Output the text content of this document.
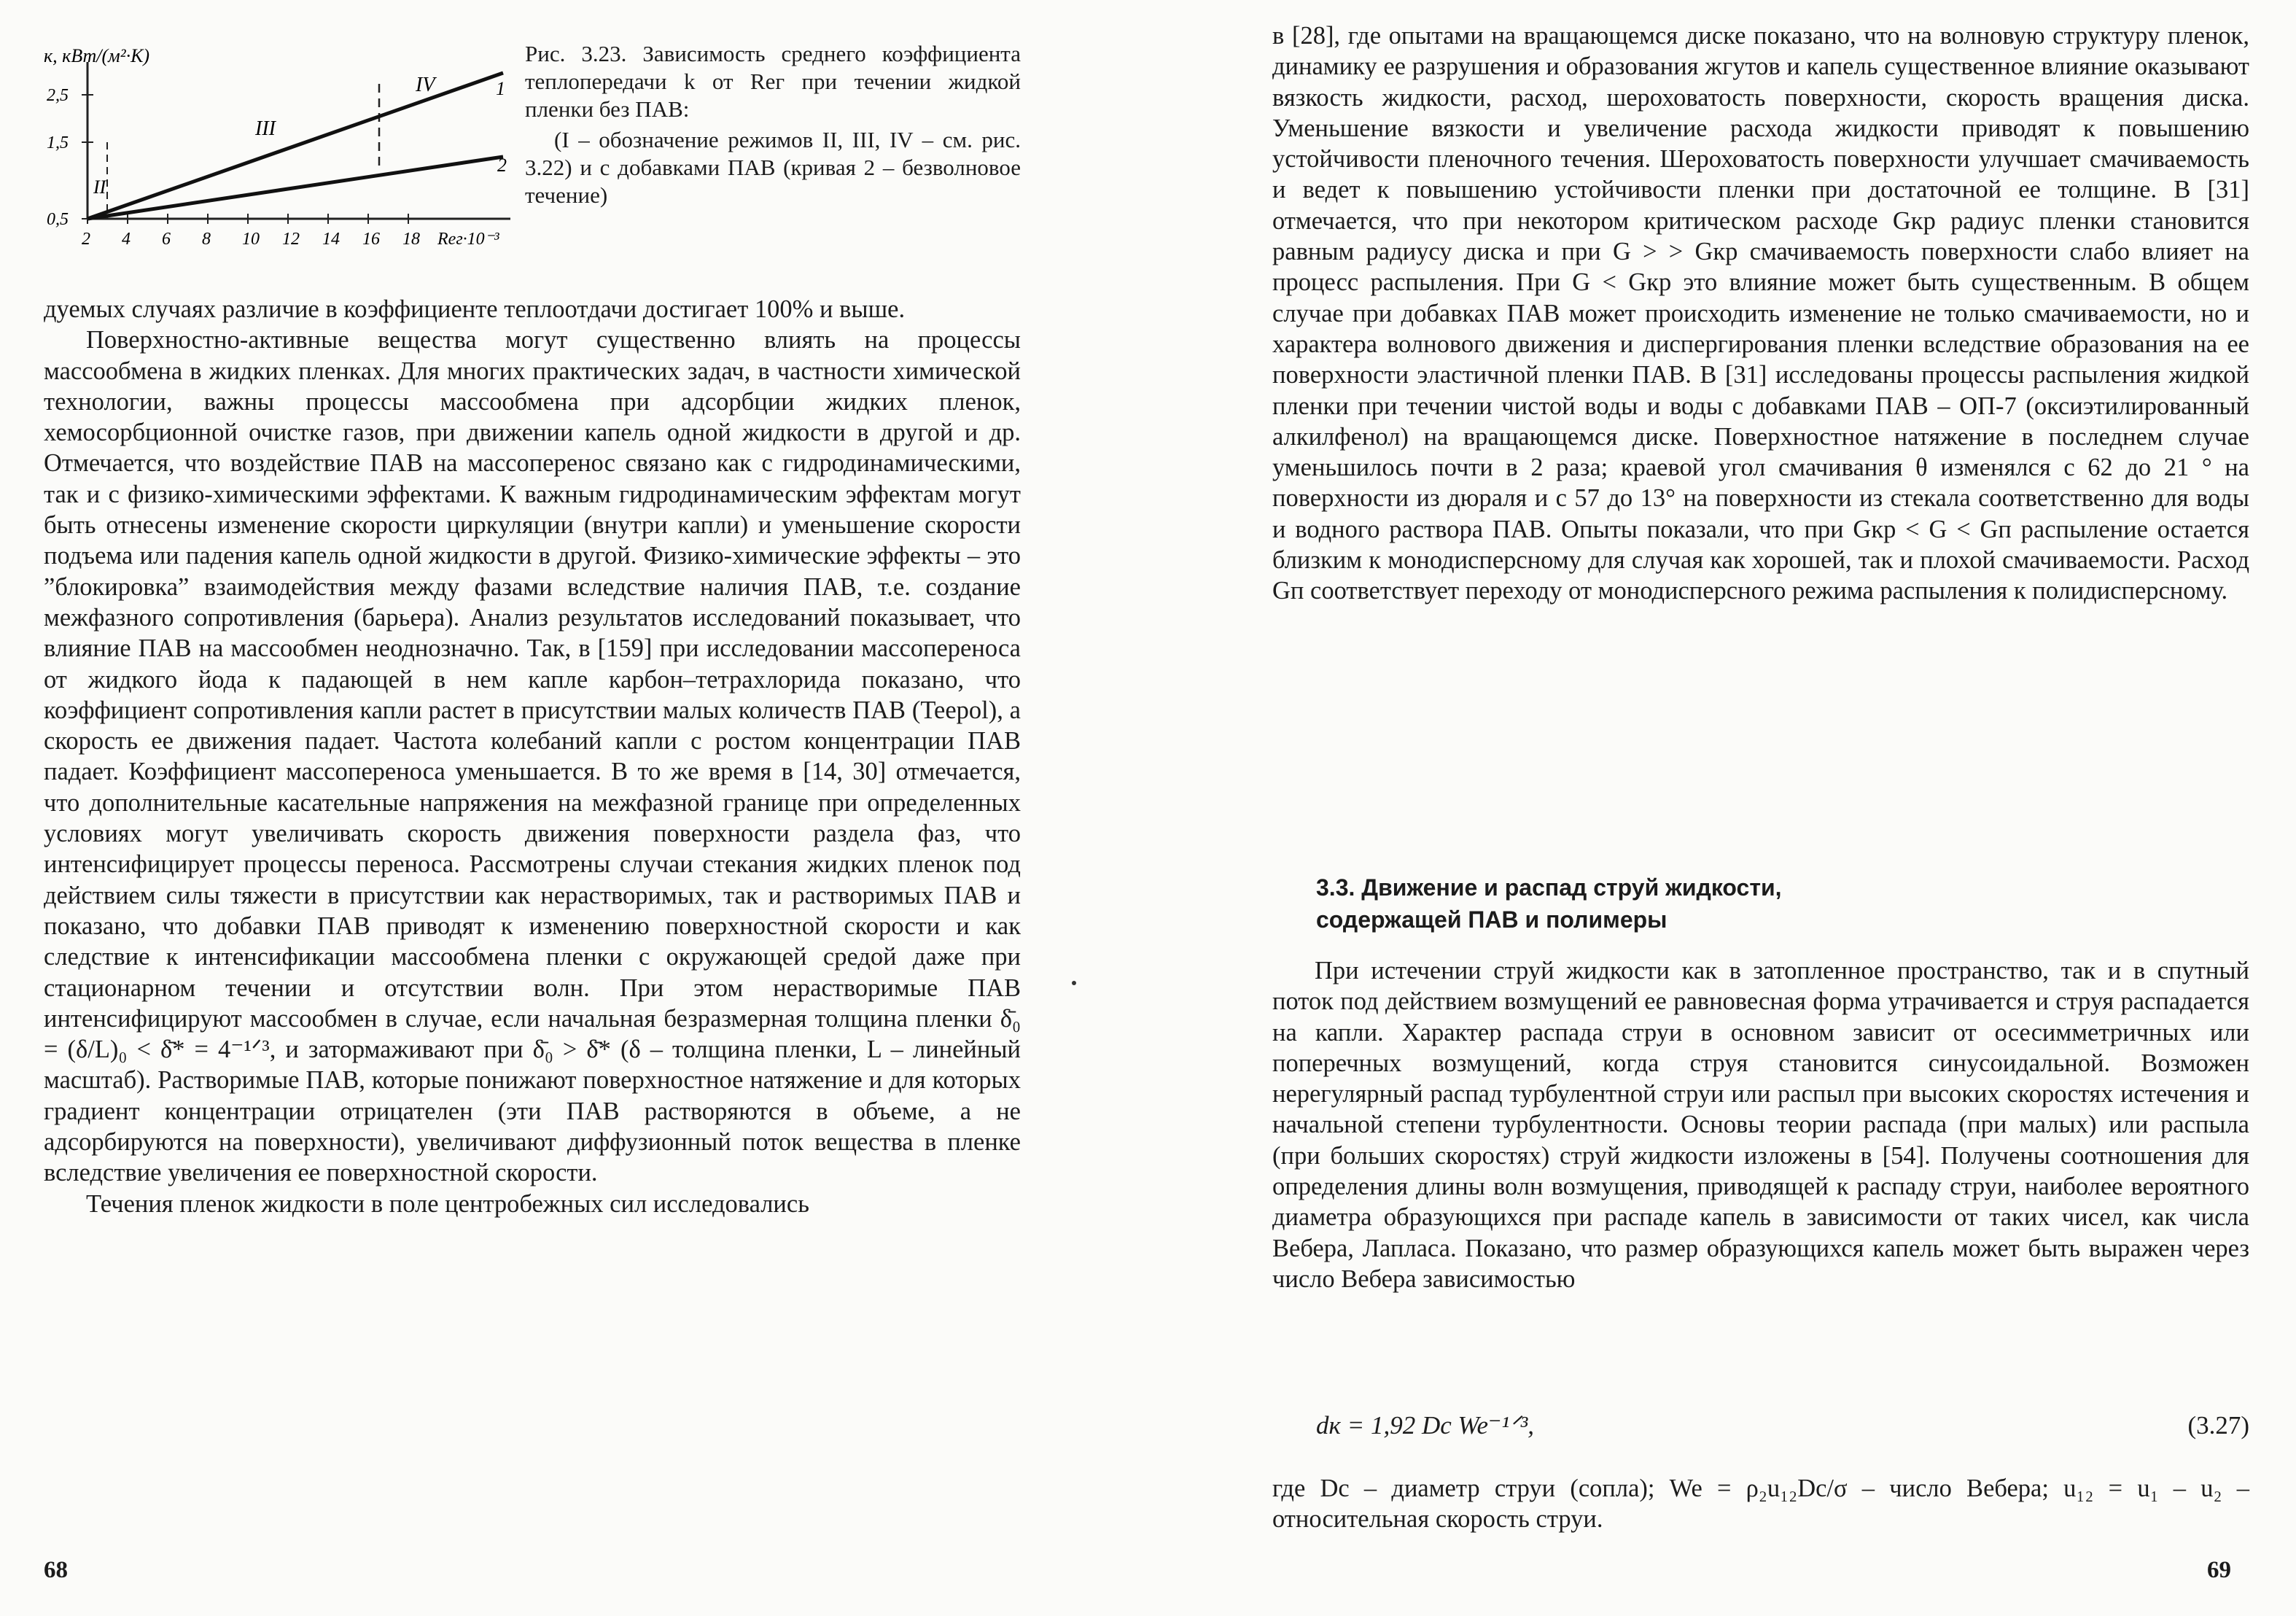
к, кВт/(м²·К)
2,5
1,5
0,5
2 4 6 8 10 12 14 16 18
II
III
IV	1
2
Reг·10⁻³
Рис. 3.23. Зависимость среднего коэффициента теплопередачи k от Reг при течении жидкой пленки без ПАВ:
(I – обозначение режимов II, III, IV – см. рис. 3.22) и с добавками ПАВ (кривая 2 – безволновое течение)

дуемых случаях различие в коэффициенте теплоотдачи достигает 100% и выше.

Поверхностно-активные вещества могут существенно влиять на процессы массообмена в жидких пленках. Для многих практических задач, в частности химической технологии, важны процессы массообмена при адсорбции жидких пленок, хемосорбционной очистке газов, при движении капель одной жидкости в другой и др. Отмечается, что воздействие ПАВ на массоперенос связано как с гидродинамическими, так и с физико-химическими эффектами. К важным гидродинамическим эффектам могут быть отнесены изменение скорости циркуляции (внутри капли) и уменьшение скорости подъема или падения капель одной жидкости в другой. Физико-химические эффекты – это ”блокировка” взаимодействия между фазами вследствие наличия ПАВ, т.е. создание межфазного сопротивления (барьера). Анализ результатов исследований показывает, что влияние ПАВ на массообмен неоднозначно. Так, в [159] при исследовании массопереноса от жидкого йода к падающей в нем капле карбон–тетрахлорида показано, что коэффициент сопротивления капли растет в присутствии малых количеств ПАВ (Teepol), а скорость ее движения падает. Частота колебаний капли с ростом концентрации ПАВ падает. Коэффициент массопереноса уменьшается. В то же время в [14, 30] отмечается, что дополнительные касательные напряжения на межфазной границе при определенных условиях могут увеличивать скорость движения поверхности раздела фаз, что интенсифицирует процессы переноса. Рассмотрены случаи стекания жидких пленок под действием силы тяжести в присутствии как нерастворимых, так и растворимых ПАВ и показано, что добавки ПАВ приводят к изменению поверхностной скорости и как следствие к интенсификации массообмена пленки с окружающей средой даже при стационарном течении и отсутствии волн. При этом нерастворимые ПАВ интенсифицируют массообмен в случае, если начальная безразмерная толщина пленки δ̄₀ = (δ/L)₀ < δ̄* = 4⁻¹ᐟ³, и затормаживают при δ̄₀ > δ̄* (δ – толщина пленки, L – линейный масштаб). Растворимые ПАВ, которые понижают поверхностное натяжение и для которых градиент концентрации отрицателен (эти ПАВ растворяются в объеме, а не адсорбируются на поверхности), увеличивают диффузионный поток вещества в пленке вследствие увеличения ее поверхностной скорости.

Течения пленок жидкости в поле центробежных сил исследовались

68

в [28], где опытами на вращающемся диске показано, что на волновую структуру пленок, динамику ее разрушения и образования жгутов и капель существенное влияние оказывают вязкость жидкости, расход, шероховатость поверхности, скорость вращения диска. Уменьшение вязкости и увеличение расхода жидкости приводят к повышению устойчивости пленочного течения. Шероховатость поверхности улучшает смачиваемость и ведет к повышению устойчивости пленки при достаточной ее толщине. В [31] отмечается, что при некотором критическом расходе Gкр радиус пленки становится равным радиусу диска и при G > > Gкр смачиваемость поверхности слабо влияет на процесс распыления. При G < Gкр это влияние может быть существенным. В общем случае при добавках ПАВ может происходить изменение не только смачиваемости, но и характера волнового движения и диспергирования пленки вследствие образования на ее поверхности эластичной пленки ПАВ. В [31] исследованы процессы распыления жидкой пленки при течении чистой воды и воды с добавками ПАВ – ОП-7 (оксиэтилированный алкилфенол) на вращающемся диске. Поверхностное натяжение в последнем случае уменьшилось почти в 2 раза; краевой угол смачивания θ изменялся с 62 до 21 ° на поверхности из дюраля и с 57 до 13° на поверхности из стекала соответственно для воды и водного раствора ПАВ. Опыты показали, что при Gкр < G < Gп распыление остается близким к монодисперсному для случая как хорошей, так и плохой смачиваемости. Расход Gп соответствует переходу от монодисперсного режима распыления к полидисперсному.

3.3. Движение и распад струй жидкости,
содержащей ПАВ и полимеры

При истечении струй жидкости как в затопленное пространство, так и в спутный поток под действием возмущений ее равновесная форма утрачивается и струя распадается на капли. Характер распада струи в основном зависит от осесимметричных или поперечных возмущений, когда струя становится синусоидальной. Возможен нерегулярный распад турбулентной струи или распыл при высоких скоростях истечения и начальной степени турбулентности. Основы теории распада (при малых) или распыла (при больших скоростях) струй жидкости изложены в [54]. Получены соотношения для определения длины волн возмущения, приводящей к распаду струи, наиболее вероятного диаметра образующихся при распаде капель в зависимости от таких чисел, как числа Вебера, Лапласа. Показано, что размер образующихся капель может быть выражен через число Вебера зависимостью

dк = 1,92 Dс We⁻¹ᐟ³,	(3.27)

где Dс – диаметр струи (сопла); We = ρ₂u₁₂Dс/σ – число Вебера; u₁₂ = u₁ – u₂ – относительная скорость струи.

69
